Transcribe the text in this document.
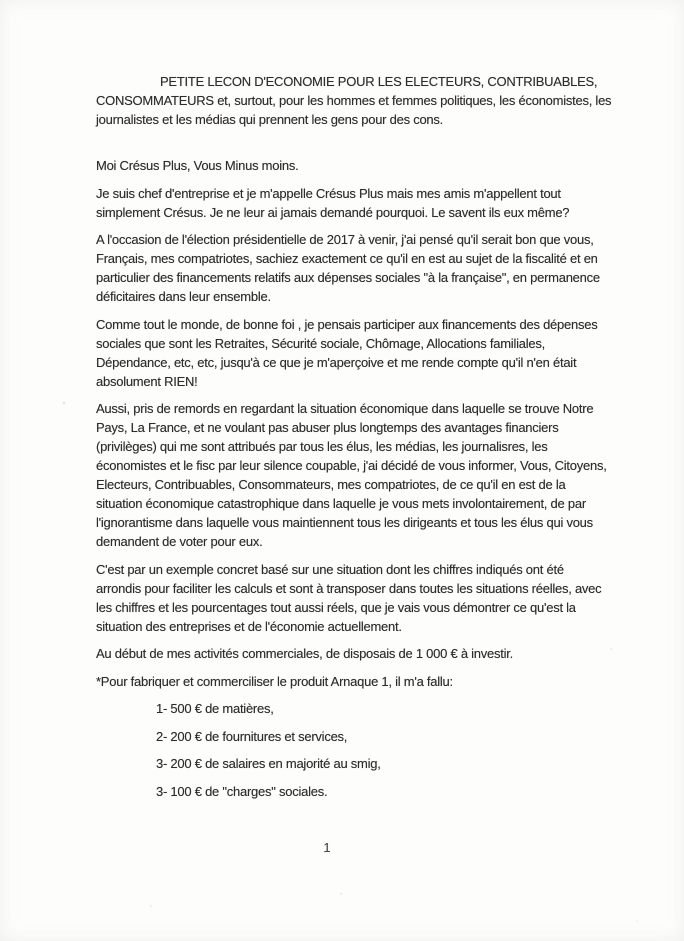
PETITE LECON D'ECONOMIE POUR LES ELECTEURS, CONTRIBUABLES,
CONSOMMATEURS et, surtout, pour les hommes et femmes politiques, les économistes, les
journalistes et les médias qui prennent les gens pour des cons.
Moi Crésus Plus, Vous Minus moins.
Je suis chef d'entreprise et je m'appelle Crésus Plus mais mes amis m'appellent tout
simplement Crésus. Je ne leur ai jamais demandé pourquoi. Le savent ils eux même?
A l'occasion de l'élection présidentielle de 2017 à venir, j'ai pensé qu'il serait bon que vous,
Français, mes compatriotes, sachiez exactement ce qu'il en est au sujet de la fiscalité et en
particulier des financements relatifs aux dépenses sociales "à la française", en permanence
déficitaires dans leur ensemble.
Comme tout le monde, de bonne foi , je pensais participer aux financements des dépenses
sociales que sont les Retraites, Sécurité sociale, Chômage, Allocations familiales,
Dépendance, etc, etc, jusqu'à ce que je m'aperçoive et me rende compte qu'il n'en était
absolument RIEN!
Aussi, pris de remords en regardant la situation économique dans laquelle se trouve Notre
Pays, La France, et ne voulant pas abuser plus longtemps des avantages financiers
(privilèges) qui me sont attribués par tous les élus, les médias, les journalisres, les
économistes et le fisc par leur silence coupable, j'ai décidé de vous informer, Vous, Citoyens,
Electeurs, Contribuables, Consommateurs, mes compatriotes, de ce qu'il en est de la
situation économique catastrophique dans laquelle je vous mets involontairement, de par
l'ignorantisme dans laquelle vous maintiennent tous les dirigeants et tous les élus qui vous
demandent de voter pour eux.
C'est par un exemple concret basé sur une situation dont les chiffres indiqués ont été
arrondis pour faciliter les calculs et sont à transposer dans toutes les situations réelles, avec
les chiffres et les pourcentages tout aussi réels, que je vais vous démontrer ce qu'est la
situation des entreprises et de l'économie actuellement.
Au début de mes activités commerciales, de disposais de 1 000 € à investir.
*Pour fabriquer et commerciliser le produit Arnaque 1, il m'a fallu:
1- 500 € de matières,
2- 200 € de fournitures et services,
3- 200 € de salaires en majorité au smig,
3- 100 € de "charges" sociales.
1
